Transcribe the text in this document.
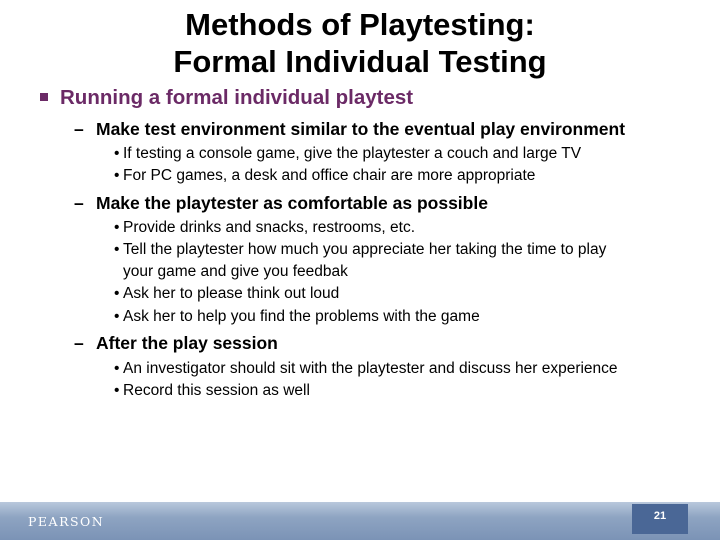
Methods of Playtesting:
Formal Individual Testing
Running a formal individual playtest
– Make test environment similar to the eventual play environment
• If testing a console game, give the playtester a couch and large TV
• For PC games, a desk and office chair are more appropriate
– Make the playtester as comfortable as possible
• Provide drinks and snacks, restrooms, etc.
• Tell the playtester how much you appreciate her taking the time to play
your game and give you feedbak
• Ask her to please think out loud
• Ask her to help you find the problems with the game
– After the play session
• An investigator should sit with the playtester and discuss her experience
• Record this session as well
PEARSON	21
